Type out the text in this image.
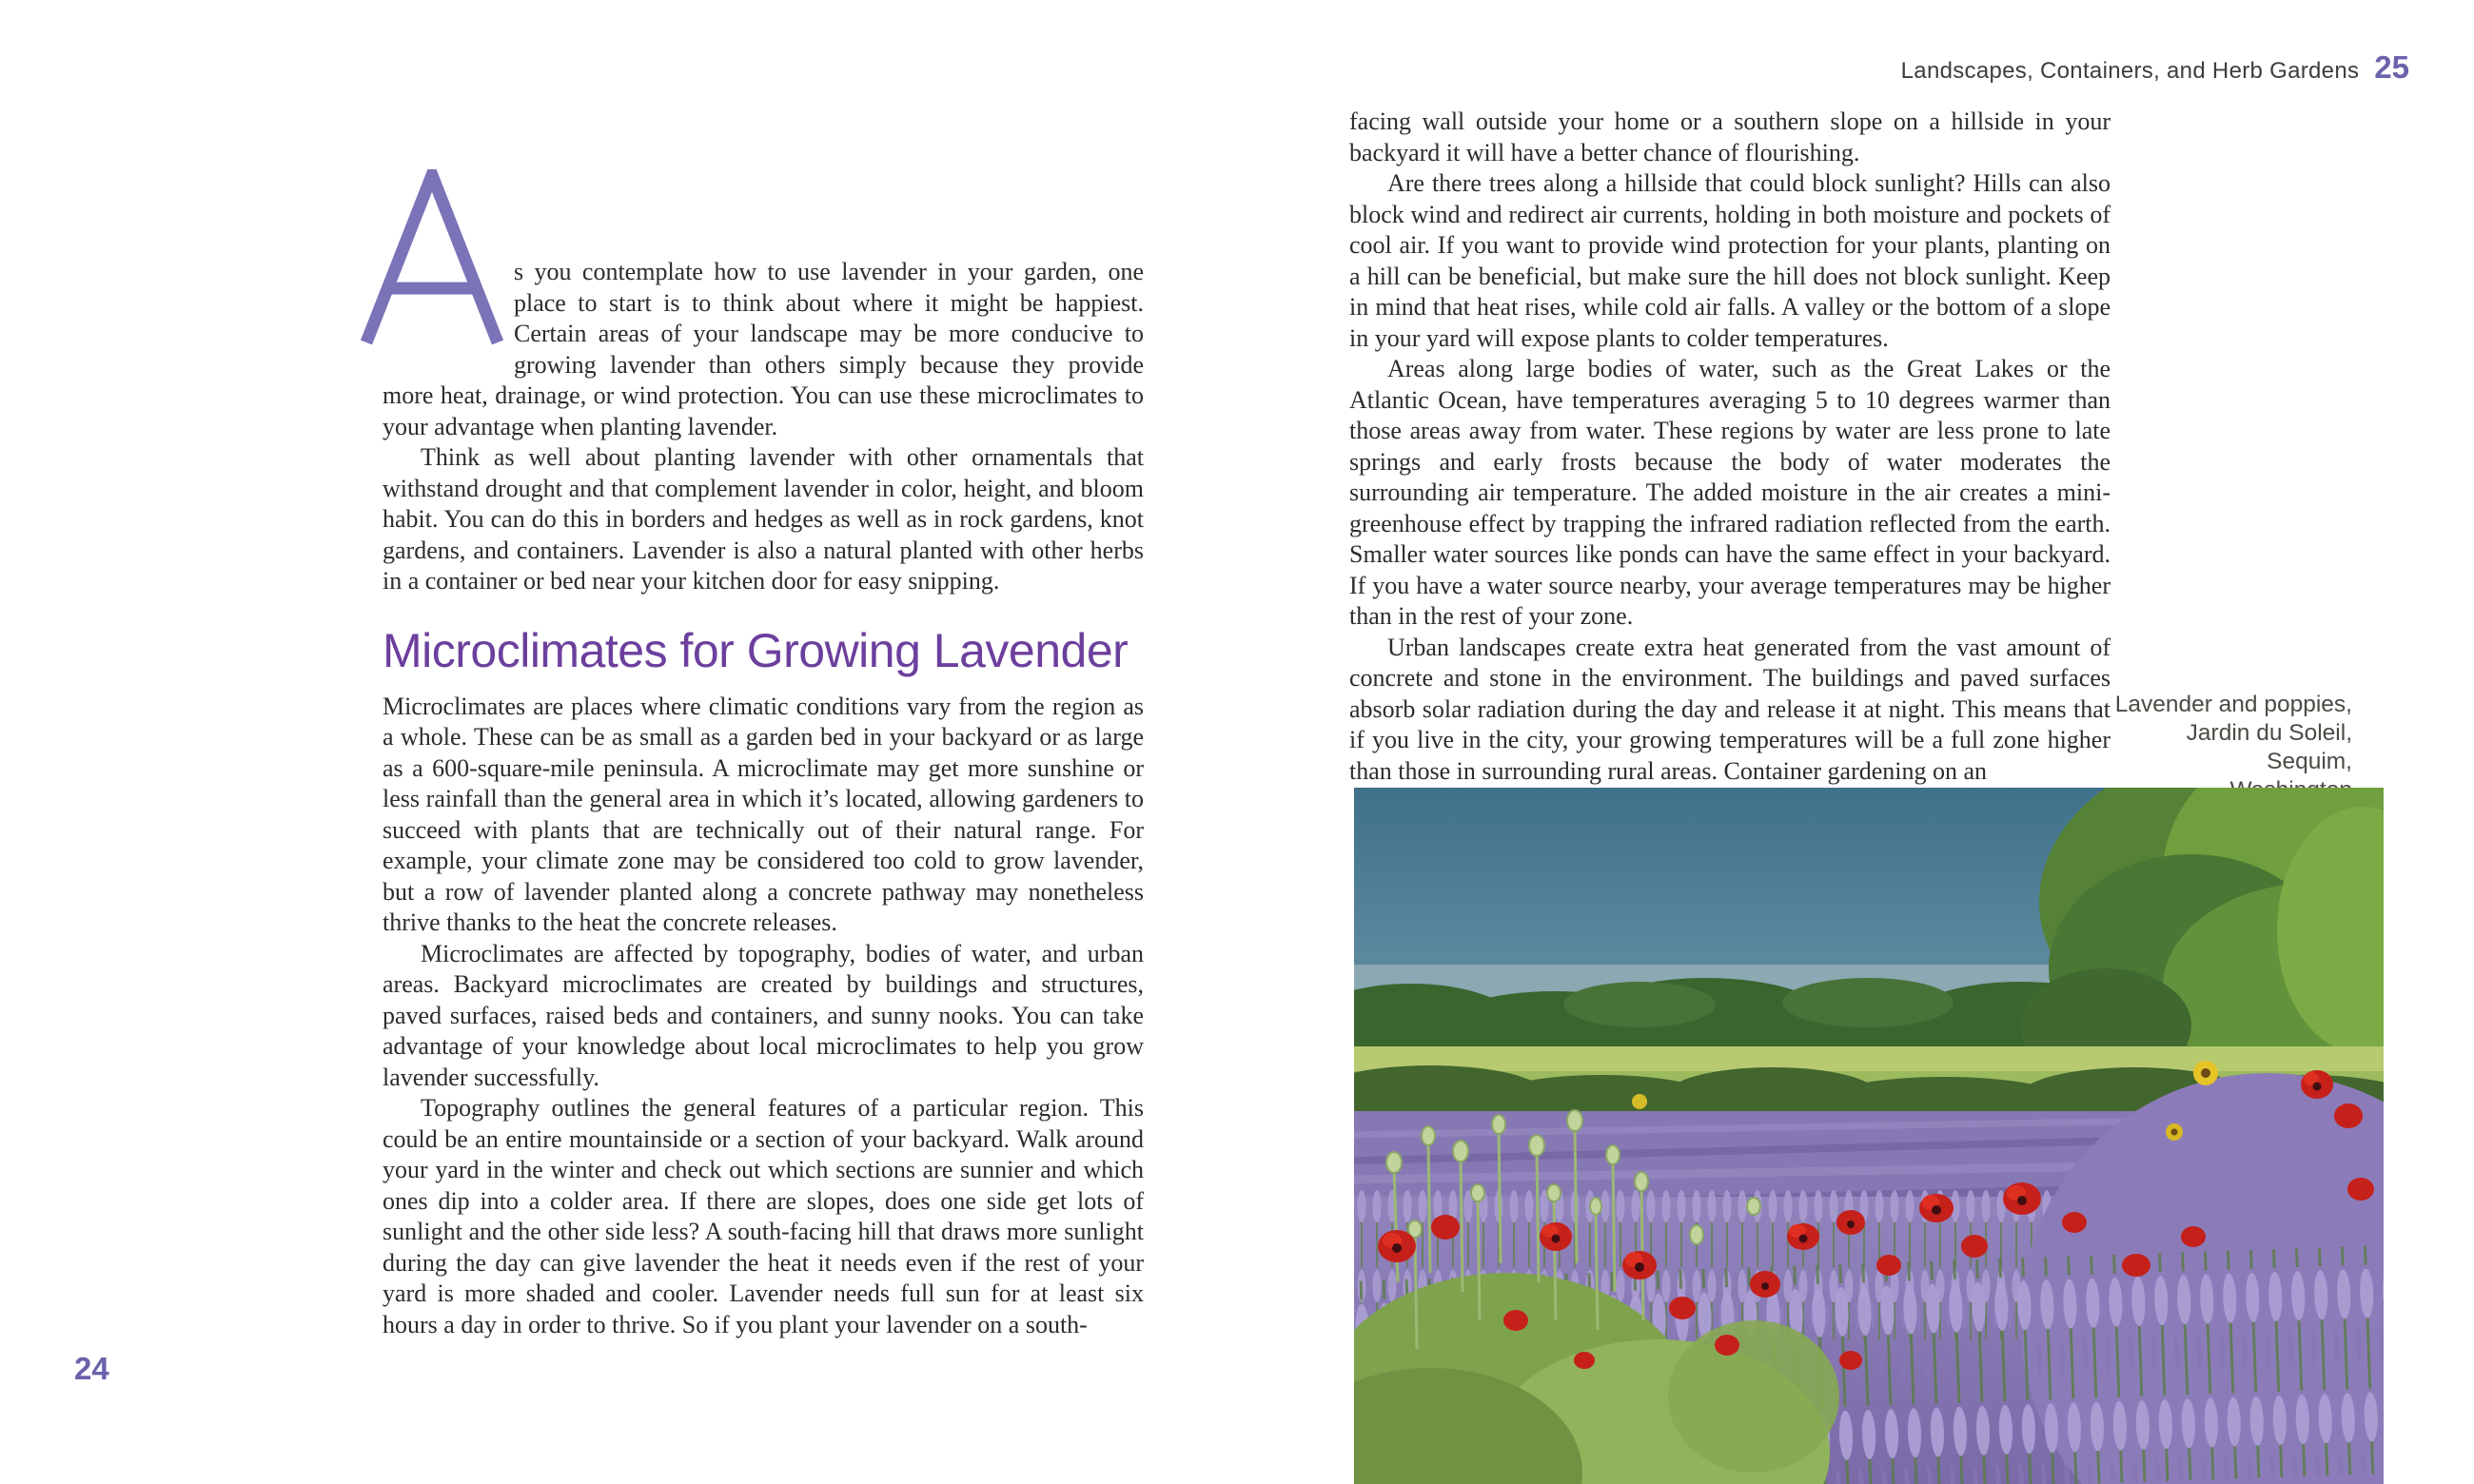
Landscapes, Containers, and Herb Gardens 25

s you contemplate how to use lavender in your garden, one place to start is to think about where it might be happiest. Certain areas of your landscape may be more conducive to growing lavender than others simply because they provide more heat, drainage, or wind protection. You can use these microclimates to your advantage when planting lavender.

Think as well about planting lavender with other ornamentals that withstand drought and that complement lavender in color, height, and bloom habit. You can do this in borders and hedges as well as in rock gardens, knot gardens, and containers. Lavender is also a natural planted with other herbs in a container or bed near your kitchen door for easy snipping.

Microclimates for Growing Lavender

Microclimates are places where climatic conditions vary from the region as a whole. These can be as small as a garden bed in your backyard or as large as a 600-square-mile peninsula. A microclimate may get more sunshine or less rainfall than the general area in which it’s located, allowing gardeners to succeed with plants that are technically out of their natural range. For example, your climate zone may be considered too cold to grow lavender, but a row of lavender planted along a concrete pathway may nonetheless thrive thanks to the heat the concrete releases.

Microclimates are affected by topography, bodies of water, and urban areas. Backyard microclimates are created by buildings and structures, paved surfaces, raised beds and containers, and sunny nooks. You can take advantage of your knowledge about local microclimates to help you grow lavender successfully.

Topography outlines the general features of a particular region. This could be an entire mountainside or a section of your backyard. Walk around your yard in the winter and check out which sections are sunnier and which ones dip into a colder area. If there are slopes, does one side get lots of sunlight and the other side less? A south-facing hill that draws more sunlight during the day can give lavender the heat it needs even if the rest of your yard is more shaded and cooler. Lavender needs full sun for at least six hours a day in order to thrive. So if you plant your lavender on a south-

facing wall outside your home or a southern slope on a hillside in your backyard it will have a better chance of flourishing.

Are there trees along a hillside that could block sunlight? Hills can also block wind and redirect air currents, holding in both moisture and pockets of cool air. If you want to provide wind protection for your plants, planting on a hill can be beneficial, but make sure the hill does not block sunlight. Keep in mind that heat rises, while cold air falls. A valley or the bottom of a slope in your yard will expose plants to colder temperatures.

Areas along large bodies of water, such as the Great Lakes or the Atlantic Ocean, have temperatures averaging 5 to 10 degrees warmer than those areas away from water. These regions by water are less prone to late springs and early frosts because the body of water moderates the surrounding air temperature. The added moisture in the air creates a mini-greenhouse effect by trapping the infrared radiation reflected from the earth. Smaller water sources like ponds can have the same effect in your backyard. If you have a water source nearby, your average temperatures may be higher than in the rest of your zone.

Urban landscapes create extra heat generated from the vast amount of concrete and stone in the environment. The buildings and paved surfaces absorb solar radiation during the day and release it at night. This means that if you live in the city, your growing temperatures will be a full zone higher than those in surrounding rural areas. Container gardening on an

Lavender and poppies,
Jardin du Soleil, Sequim,
24
